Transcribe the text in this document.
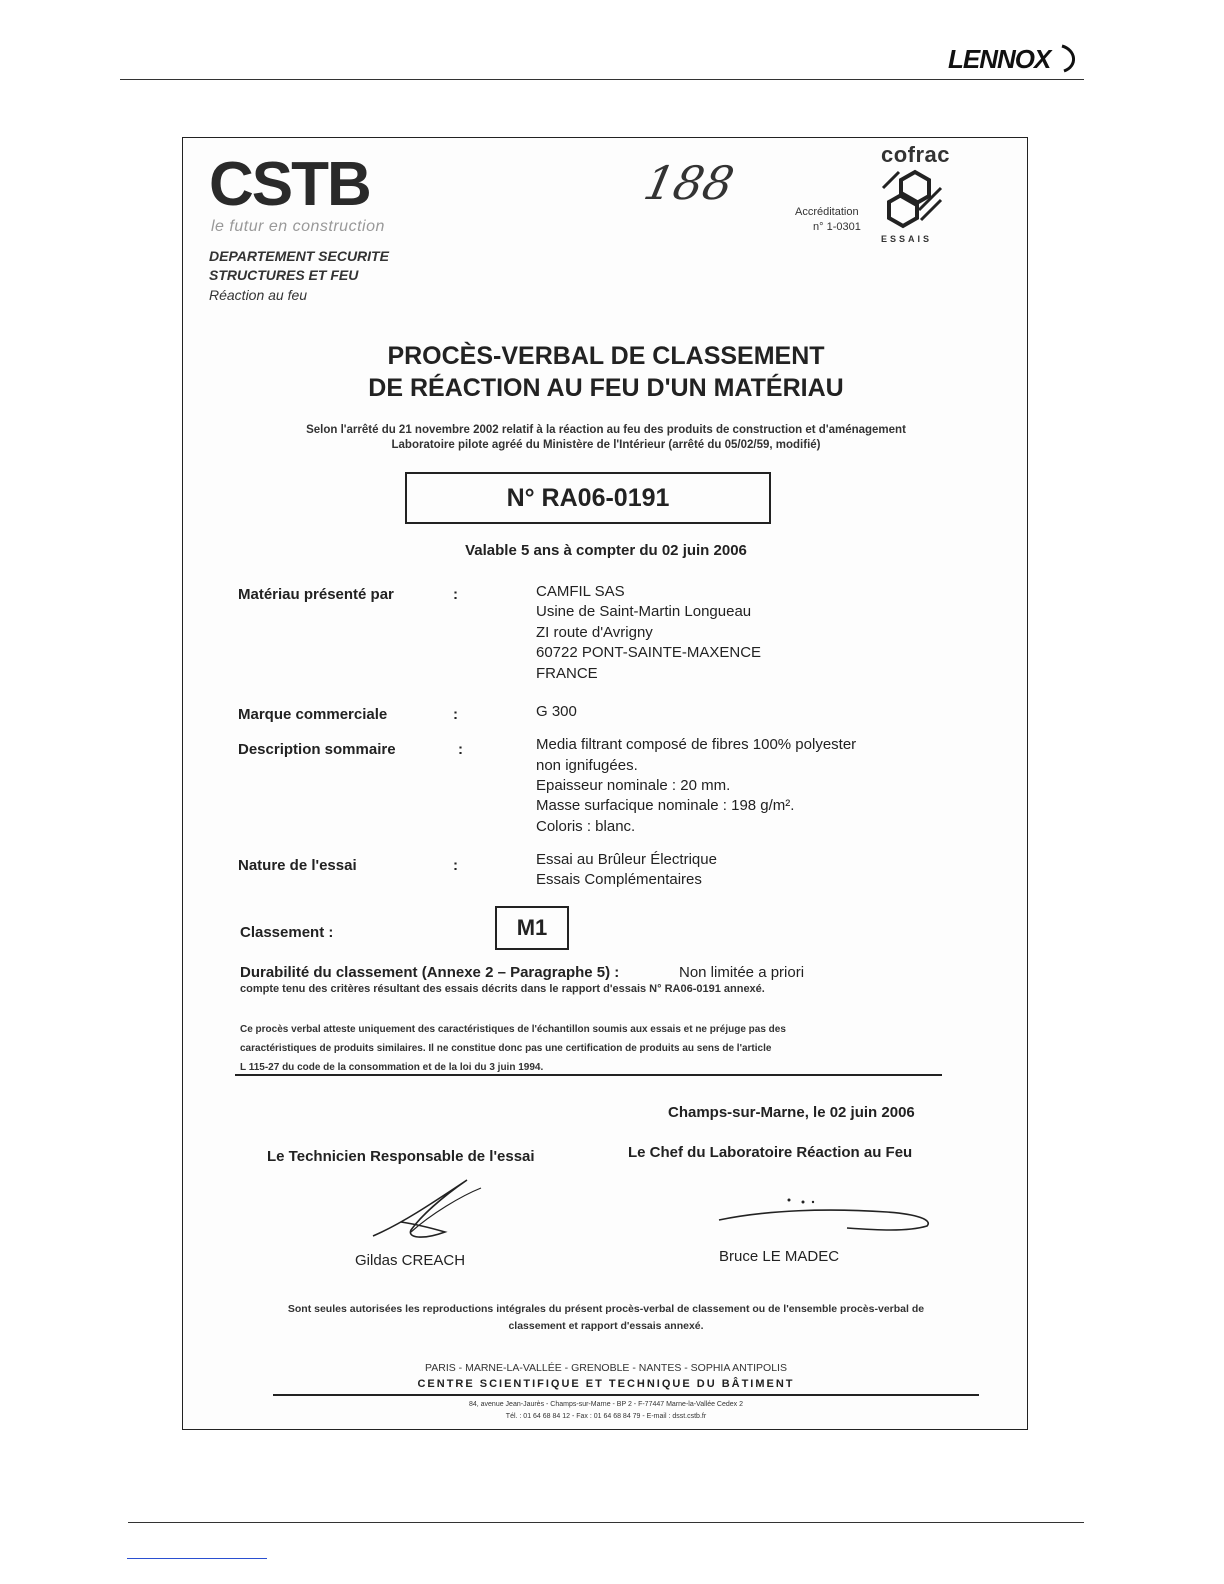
LENNOX
CSTB
le futur en construction
DEPARTEMENT SECURITE
STRUCTURES ET FEU
Réaction au feu
188
cofrac
ESSAIS
Accréditation
n° 1-0301
PROCÈS-VERBAL DE CLASSEMENT
DE RÉACTION AU FEU D'UN MATÉRIAU
Selon l'arrêté du 21 novembre 2002 relatif à la réaction au feu des produits de construction et d'aménagement
Laboratoire pilote agréé du Ministère de l'Intérieur (arrêté du 05/02/59, modifié)
N° RA06-0191
Valable 5 ans à compter du 02 juin 2006
Matériau présenté par	:	CAMFIL SAS
Usine de Saint-Martin Longueau
ZI route d'Avrigny
60722 PONT-SAINTE-MAXENCE
FRANCE
Marque commerciale	:	G 300
Description sommaire	:	Media filtrant composé de fibres 100% polyester
non ignifugées.
Epaisseur nominale : 20 mm.
Masse surfacique nominale : 198 g/m².
Coloris : blanc.
Nature de l'essai	:	Essai au Brûleur Électrique
Essais Complémentaires
Classement :	M1
Durabilité du classement (Annexe 2 – Paragraphe 5) :	Non limitée a priori
compte tenu des critères résultant des essais décrits dans le rapport d'essais N° RA06-0191 annexé.
Ce procès verbal atteste uniquement des caractéristiques de l'échantillon soumis aux essais et ne préjuge pas des
caractéristiques de produits similaires. Il ne constitue donc pas une certification de produits au sens de l'article
L 115-27 du code de la consommation et de la loi du 3 juin 1994.
Champs-sur-Marne, le 02 juin 2006
Le Technicien Responsable de l'essai	Le Chef du Laboratoire Réaction au Feu
Gildas CREACH	Bruce LE MADEC
Sont seules autorisées les reproductions intégrales du présent procès-verbal de classement ou de l'ensemble procès-verbal de
classement et rapport d'essais annexé.
PARIS - MARNE-LA-VALLÉE - GRENOBLE - NANTES - SOPHIA ANTIPOLIS
CENTRE SCIENTIFIQUE ET TECHNIQUE DU BÂTIMENT
84, avenue Jean-Jaurès - Champs-sur-Marne - BP 2 - F-77447 Marne-la-Vallée Cedex 2
Tél. : 01 64 68 84 12 - Fax : 01 64 68 84 79 - E-mail : dsst.cstb.fr
